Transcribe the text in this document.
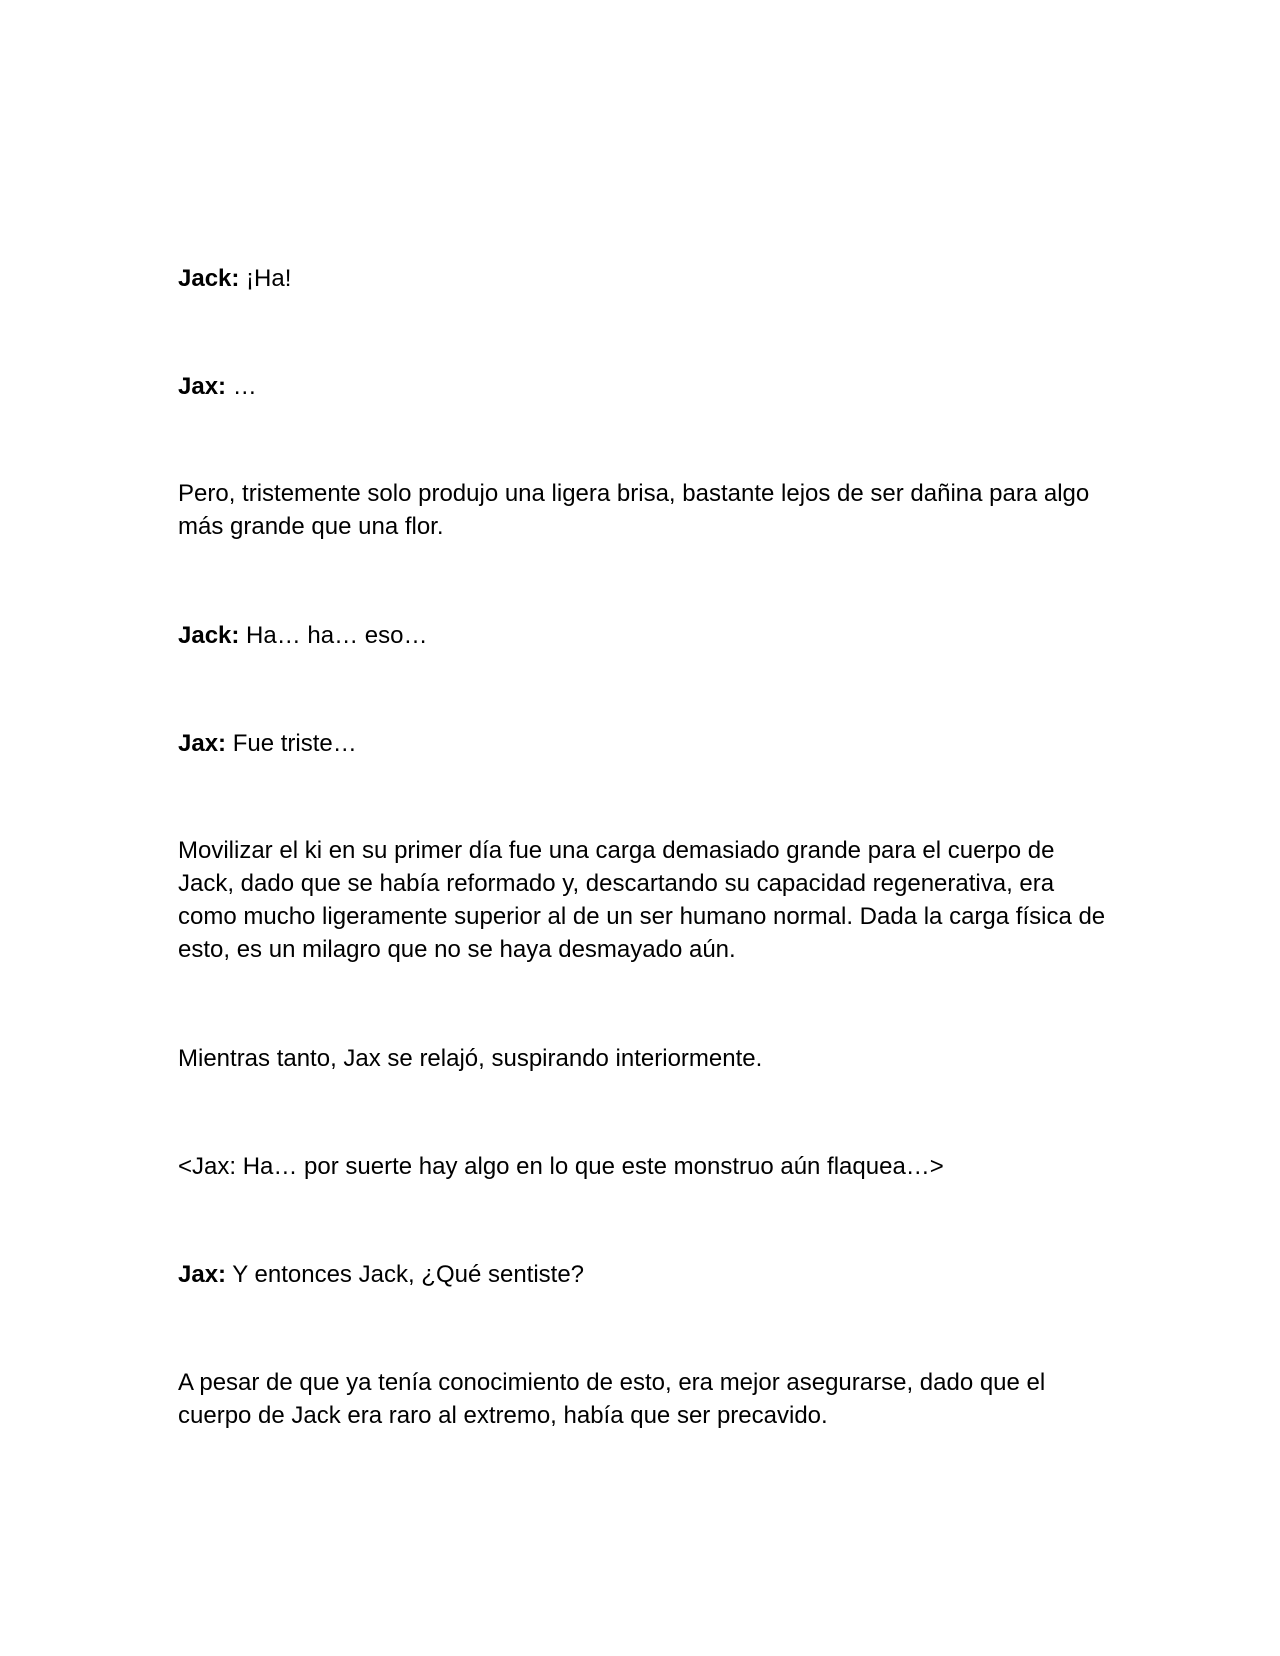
Jack: ¡Ha!

Jax: …

Pero, tristemente solo produjo una ligera brisa, bastante lejos de ser dañina para algo más grande que una flor.

Jack: Ha… ha… eso…

Jax: Fue triste…

Movilizar el ki en su primer día fue una carga demasiado grande para el cuerpo de Jack, dado que se había reformado y, descartando su capacidad regenerativa, era como mucho ligeramente superior al de un ser humano normal. Dada la carga física de esto, es un milagro que no se haya desmayado aún.

Mientras tanto, Jax se relajó, suspirando interiormente.

<Jax: Ha… por suerte hay algo en lo que este monstruo aún flaquea…>

Jax: Y entonces Jack, ¿Qué sentiste?

A pesar de que ya tenía conocimiento de esto, era mejor asegurarse, dado que el cuerpo de Jack era raro al extremo, había que ser precavido.
